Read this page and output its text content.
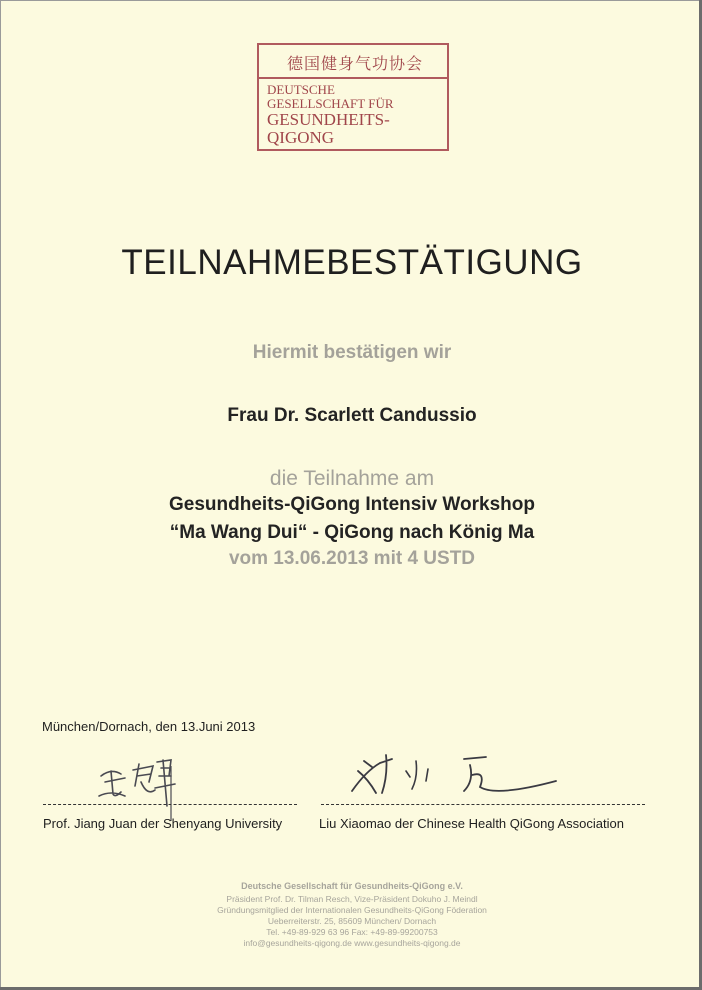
德国健身气功协会
DEUTSCHE
GESELLSCHAFT FÜR
GESUNDHEITS-
QIGONG
TEILNAHMEBESTÄTIGUNG
Hiermit bestätigen wir
Frau Dr. Scarlett Candussio
die Teilnahme am
Gesundheits-QiGong Intensiv Workshop
“Ma Wang Dui“ - QiGong nach König Ma
vom 13.06.2013 mit 4 USTD
München/Dornach, den 13.Juni 2013
Prof. Jiang Juan der Shenyang University	Liu Xiaomao der Chinese Health QiGong Association
Deutsche Gesellschaft für Gesundheits-QiGong e.V.
Präsident Prof. Dr. Tilman Resch, Vize-Präsident Dokuho J. Meindl
Gründungsmitglied der Internationalen Gesundheits-QiGong Föderation
Ueberreiterstr. 25, 85609 München/ Dornach
Tel. +49-89-929 63 96 Fax: +49-89-99200753
info@gesundheits-qigong.de www.gesundheits-qigong.de
